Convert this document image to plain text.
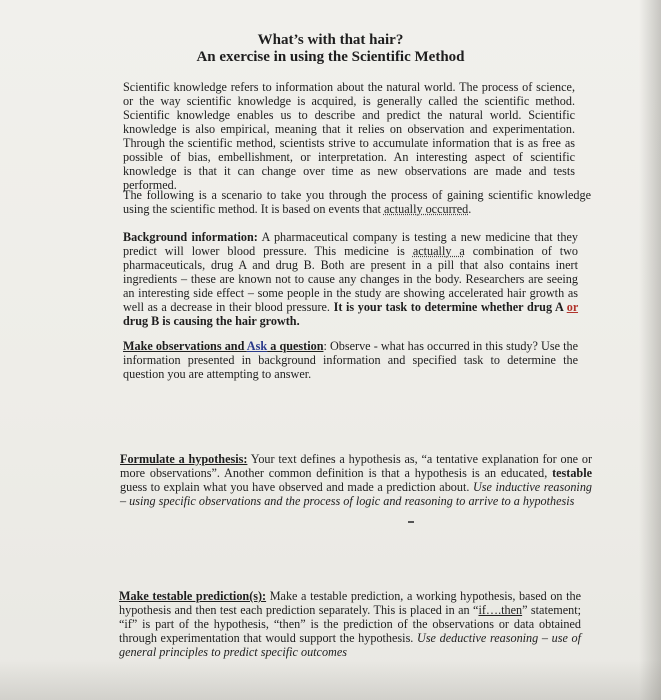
What’s with that hair?
An exercise in using the Scientific Method
Scientific knowledge refers to information about the natural world. The process of science, or the way scientific knowledge is acquired, is generally called the scientific method. Scientific knowledge enables us to describe and predict the natural world. Scientific knowledge is also empirical, meaning that it relies on observation and experimentation. Through the scientific method, scientists strive to accumulate information that is as free as possible of bias, embellishment, or interpretation. An interesting aspect of scientific knowledge is that it can change over time as new observations are made and tests performed.
The following is a scenario to take you through the process of gaining scientific knowledge using the scientific method. It is based on events that actually occurred.
Background information: A pharmaceutical company is testing a new medicine that they predict will lower blood pressure. This medicine is actually a combination of two pharmaceuticals, drug A and drug B. Both are present in a pill that also contains inert ingredients – these are known not to cause any changes in the body. Researchers are seeing an interesting side effect – some people in the study are showing accelerated hair growth as well as a decrease in their blood pressure. It is your task to determine whether drug A or drug B is causing the hair growth.
Make observations and Ask a question: Observe - what has occurred in this study? Use the information presented in background information and specified task to determine the question you are attempting to answer.
Formulate a hypothesis: Your text defines a hypothesis as, “a tentative explanation for one or more observations”. Another common definition is that a hypothesis is an educated, testable guess to explain what you have observed and made a prediction about. Use inductive reasoning – using specific observations and the process of logic and reasoning to arrive to a hypothesis
Make testable prediction(s): Make a testable prediction, a working hypothesis, based on the hypothesis and then test each prediction separately. This is placed in an “if….then” statement; “if” is part of the hypothesis, “then” is the prediction of the observations or data obtained through experimentation that would support the hypothesis. Use deductive reasoning – use of general principles to predict specific outcomes
